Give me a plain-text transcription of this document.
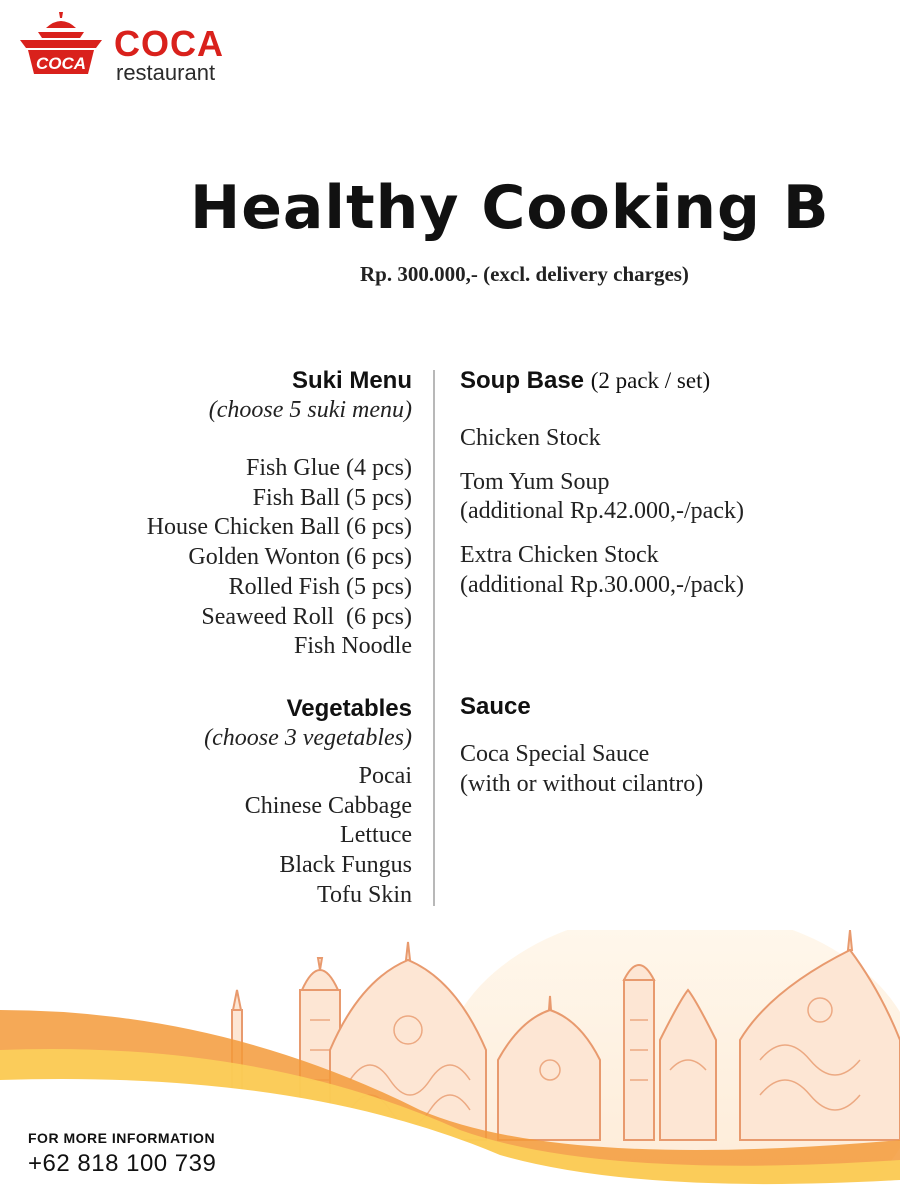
COCA COCA
restaurant
Healthy Cooking B
Rp. 300.000,- (excl. delivery charges)
Suki Menu
(choose 5 suki menu)
Fish Glue (4 pcs)
Fish Ball (5 pcs)
House Chicken Ball (6 pcs)
Golden Wonton (6 pcs)
Rolled Fish (5 pcs)
Seaweed Roll  (6 pcs)
Fish Noodle
Vegetables
(choose 3 vegetables)
Pocai
Chinese Cabbage
Lettuce
Black Fungus
Tofu Skin
Soup Base (2 pack / set)
Chicken Stock
Tom Yum Soup
(additional Rp.42.000,-/pack)
Extra Chicken Stock
(additional Rp.30.000,-/pack)
Sauce
Coca Special Sauce
(with or without cilantro)
FOR MORE INFORMATION
+62 818 100 739
